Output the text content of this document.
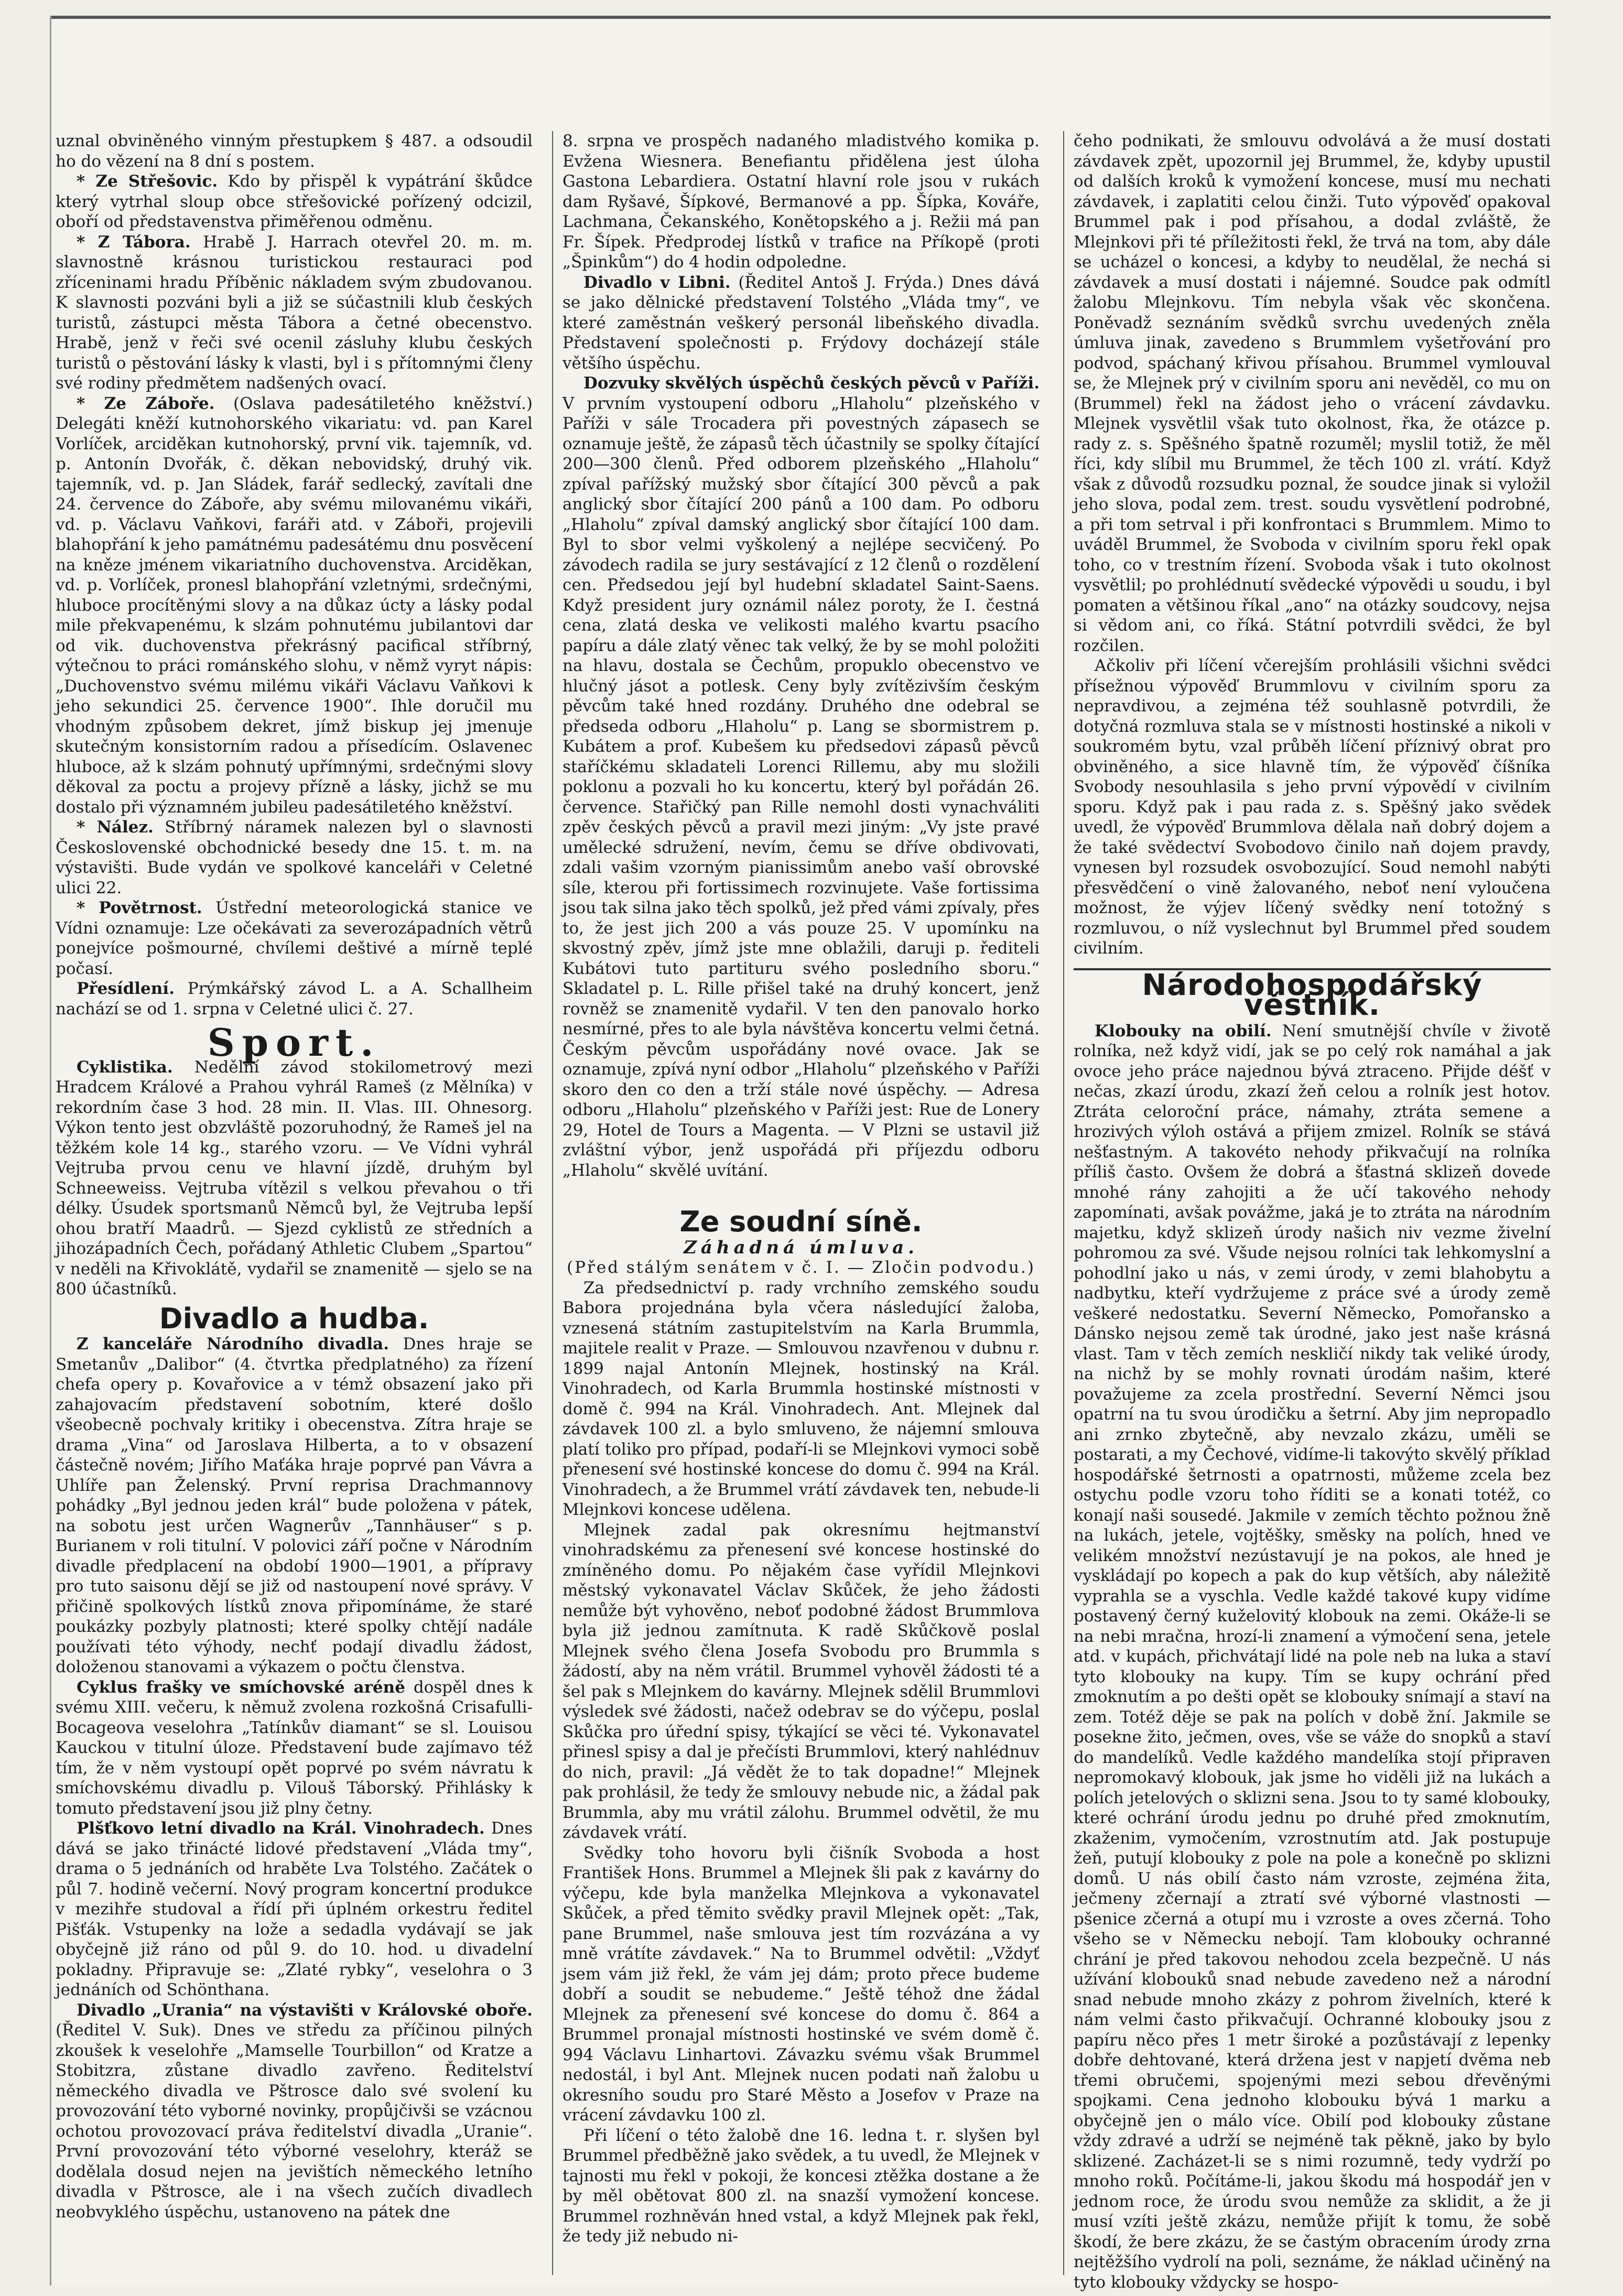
uznal obviněného vinným přestupkem § 487. a odsoudil ho do vězení na 8 dní s postem.

* Ze Střešovic. Kdo by přispěl k vypátrání škůdce který vytrhal sloup obce střešovické pořízený odcizil, oboří od představenstva přiměřenou odměnu.

* Z Tábora. Hrabě J. Harrach otevřel 20. m. m. slavnostně krásnou turistickou restauraci pod zříceninami hradu Příběnic nákladem svým zbudovanou. K slavnosti pozváni byli a již se súčastnili klub českých turistů, zástupci města Tábora a četné obecenstvo. Hrabě, jenž v řeči své ocenil zásluhy klubu českých turistů o pěstování lásky k vlasti, byl i s přítomnými členy své rodiny předmětem nadšených ovací.

* Ze Záboře. (Oslava padesátiletého kněžství.) Delegáti kněží kutnohorského vikariatu: vd. pan Karel Vorlíček, arciděkan kutnohorský, první vik. tajemník, vd. p. Antonín Dvořák, č. děkan nebovidský, druhý vik. tajemník, vd. p. Jan Sládek, farář sedlecký, zavítali dne 24. července do Záboře, aby svému milovanému vikáři, vd. p. Václavu Vaňkovi, faráři atd. v Záboři, projevili blahopřání k jeho památnému padesátému dnu posvěcení na kněze jménem vikariatního duchovenstva. Arciděkan, vd. p. Vorlíček, pronesl blahopřání vzletnými, srdečnými, hluboce procítěnými slovy a na důkaz úcty a lásky podal mile překvapenému, k slzám pohnutému jubilantovi dar od vik. duchovenstva překrásný pacifical stříbrný, výtečnou to práci románského slohu, v němž vyryt nápis: „Duchovenstvo svému milému vikáři Václavu Vaňkovi k jeho sekundici 25. července 1900“. Ihle doručil mu vhodným způsobem dekret, jímž biskup jej jmenuje skutečným konsistorním radou a přísedícím. Oslavenec hluboce, až k slzám pohnutý upřímnými, srdečnými slovy děkoval za poctu a projevy přízně a lásky, jichž se mu dostalo při významném jubileu padesátiletého kněžství.

* Nález. Stříbrný náramek nalezen byl o slavnosti Československé obchodnické besedy dne 15. t. m. na výstavišti. Bude vydán ve spolkové kanceláři v Celetné ulici 22.

* Povětrnost. Ústřední meteorologická stanice ve Vídni oznamuje: Lze očekávati za severozápadních větrů ponejvíce pošmourné, chvílemi deštivé a mírně teplé počasí.

Přesídlení. Prýmkářský závod L. a A. Schallheim nachází se od 1. srpna v Celetné ulici č. 27.

Sport.

Cyklistika. Nedělní závod stokilometrový mezi Hradcem Králové a Prahou vyhrál Rameš (z Mělníka) v rekordním čase 3 hod. 28 min. II. Vlas. III. Ohnesorg. Výkon tento jest obzvláště pozoruhodný, že Rameš jel na těžkém kole 14 kg., starého vzoru. — Ve Vídni vyhrál Vejtruba prvou cenu ve hlavní jízdě, druhým byl Schneeweiss. Vejtruba vítězil s velkou převahou o tři délky. Úsudek sportsmanů Němců byl, že Vejtruba lepší ohou bratří Maadrů. — Sjezd cyklistů ze středních a jihozápadních Čech, pořádaný Athletic Clubem „Spartou“ v neděli na Křivoklátě, vydařil se znamenitě — sjelo se na 800 účastníků.

Divadlo a hudba.

Z kanceláře Národního divadla. Dnes hraje se Smetanův „Dalibor“ (4. čtvrtka předplatného) za řízení chefa opery p. Kovařovice a v témž obsazení jako při zahajovacím představení sobotním, které došlo všeobecně pochvaly kritiky i obecenstva. Zítra hraje se drama „Vina“ od Jaroslava Hilberta, a to v obsazení částečně novém; Jiřího Maťáka hraje poprvé pan Vávra a Uhlíře pan Želenský. První reprisa Drachmannovy pohádky „Byl jednou jeden král“ bude položena v pátek, na sobotu jest určen Wagnerův „Tannhäuser“ s p. Burianem v roli titulní. V polovici září počne v Národním divadle předplacení na období 1900—1901, a přípravy pro tuto saisonu dějí se již od nastoupení nové správy. V přičině spolkových lístků znova připomínáme, že staré poukázky pozbyly platnosti; které spolky chtějí nadále používati této výhody, nechť podají divadlu žádost, doloženou stanovami a výkazem o počtu členstva.

Cyklus frašky ve smíchovské aréně dospěl dnes k svému XIII. večeru, k němuž zvolena rozkošná Crisafulli-Bocageova veselohra „Tatínkův diamant“ se sl. Louisou Kauckou v titulní úloze. Představení bude zajímavo též tím, že v něm vystoupí opět poprvé po svém návratu k smíchovskému divadlu p. Vilouš Táborský. Přihlásky k tomuto představení jsou již plny četny.

Plšťkovo letní divadlo na Král. Vinohradech. Dnes dává se jako třinácté lidové představení „Vláda tmy“, drama o 5 jednáních od hraběte Lva Tolstého. Začátek o půl 7. hodině večerní. Nový program koncertní produkce v mezihře studoval a řídí při úplném orkestru ředitel Pišťák. Vstupenky na lože a sedadla vydávají se jak obyčejně již ráno od půl 9. do 10. hod. u divadelní pokladny. Připravuje se: „Zlaté rybky“, veselohra o 3 jednáních od Schönthana.

Divadlo „Urania“ na výstavišti v Královské oboře. (Ředitel V. Suk). Dnes ve středu za příčinou pilných zkoušek k veselohře „Mamselle Tourbillon“ od Kratze a Stobitzra, zůstane divadlo zavřeno. Ředitelství německého divadla ve Pštrosce dalo své svolení ku provozování této vyborné novinky, propůjčivši se vzácnou ochotou provozovací práva ředitelství divadla „Uranie“. První provozování této výborné veselohry, kteráž se dodělala dosud nejen na jevištích německého letního divadla v Pštrosce, ale i na všech zučích divadlech neobvyklého úspěchu, ustanoveno na pátek dne

8. srpna ve prospěch nadaného mladistvého komika p. Evžena Wiesnera. Benefiantu přidělena jest úloha Gastona Lebardiera. Ostatní hlavní role jsou v rukách dam Ryšavé, Šípkové, Bermanové a pp. Šípka, Kováře, Lachmana, Čekanského, Konětopského a j. Režii má pan Fr. Šípek. Předprodej lístků v trafice na Příkopě (proti „Špinkům“) do 4 hodin odpoledne.

Divadlo v Libni. (Ředitel Antoš J. Frýda.) Dnes dává se jako dělnické představení Tolstého „Vláda tmy“, ve které zaměstnán veškerý personál libeňského divadla. Představení společnosti p. Frýdovy docházejí stále většího úspěchu.

Dozvuky skvělých úspěchů českých pěvců v Paříži. V prvním vystoupení odboru „Hlaholu“ plzeňského v Paříži v sále Trocadera při povestných zápasech se oznamuje ještě, že zápasů těch účastnily se spolky čítající 200—300 členů. Před odborem plzeňského „Hlaholu“ zpíval pařížský mužský sbor čítající 300 pěvců a pak anglický sbor čítající 200 pánů a 100 dam. Po odboru „Hlaholu“ zpíval damský anglický sbor čítající 100 dam. Byl to sbor velmi vyškolený a nejlépe secvičený. Po závodech radila se jury sestávající z 12 členů o rozdělení cen. Předsedou její byl hudební skladatel Saint-Saens. Když president jury oznámil nález poroty, že I. čestná cena, zlatá deska ve velikosti malého kvartu psacího papíru a dále zlatý věnec tak velký, že by se mohl položiti na hlavu, dostala se Čechům, propuklo obecenstvo ve hlučný jásot a potlesk. Ceny byly zvítězivším českým pěvcům také hned rozdány. Druhého dne odebral se předseda odboru „Hlaholu“ p. Lang se sbormistrem p. Kubátem a prof. Kubešem ku předsedovi zápasů pěvců staříčkému skladateli Lorenci Rillemu, aby mu složili poklonu a pozvali ho ku koncertu, který byl pořádán 26. července. Stařičký pan Rille nemohl dosti vynachváliti zpěv českých pěvců a pravil mezi jiným: „Vy jste pravé umělecké sdružení, nevím, čemu se dříve obdivovati, zdali vašim vzorným pianissimům anebo vaší obrovské síle, kterou při fortissimech rozvinujete. Vaše fortissima jsou tak silna jako těch spolků, jež před vámi zpívaly, přes to, že jest jich 200 a vás pouze 25. V upomínku na skvostný zpěv, jímž jste mne oblažili, daruji p. řediteli Kubátovi tuto partituru svého posledního sboru.“ Skladatel p. L. Rille přišel také na druhý koncert, jenž rovněž se znamenitě vydařil. V ten den panovalo horko nesmírné, přes to ale byla návštěva koncertu velmi četná. Českým pěvcům uspořádány nové ovace. Jak se oznamuje, zpívá nyní odbor „Hlaholu“ plzeňského v Paříži skoro den co den a trží stále nové úspěchy. — Adresa odboru „Hlaholu“ plzeňského v Paříži jest: Rue de Lonery 29, Hotel de Tours a Magenta. — V Plzni se ustavil již zvláštní výbor, jenž uspořádá při příjezdu odboru „Hlaholu“ skvělé uvítání.

Ze soudní síně.
Záhadná úmluva.
(Před stálým senátem v č. I. — Zločin podvodu.)

Za předsednictví p. rady vrchního zemského soudu Babora projednána byla včera následující žaloba, vznesená státním zastupitelstvím na Karla Brummla, majitele realit v Praze. — Smlouvou nzavřenou v dubnu r. 1899 najal Antonín Mlejnek, hostinský na Král. Vinohradech, od Karla Brummla hostinské místnosti v domě č. 994 na Král. Vinohradech. Ant. Mlejnek dal závdavek 100 zl. a bylo smluveno, že nájemní smlouva platí toliko pro případ, podaří-li se Mlejnkovi vymoci sobě přenesení své hostinské koncese do domu č. 994 na Král. Vinohradech, a že Brummel vrátí závdavek ten, nebude-li Mlejnkovi koncese udělena.

Mlejnek zadal pak okresnímu hejtmanství vinohradskému za přenesení své koncese hostinské do zmíněného domu. Po nějakém čase vyřídil Mlejnkovi městský vykonavatel Václav Skůček, že jeho žádosti nemůže být vyhověno, neboť podobné žádost Brummlova byla již jednou zamítnuta. K radě Skůčkově poslal Mlejnek svého člena Josefa Svobodu pro Brummla s žádostí, aby na něm vrátil. Brummel vyhověl žádosti té a šel pak s Mlejnkem do kavárny. Mlejnek sdělil Brummlovi výsledek své žádosti, načež odebrav se do výčepu, poslal Skůčka pro úřední spisy, týkající se věci té. Vykonavatel přinesl spisy a dal je přečísti Brummlovi, který nahlédnuv do nich, pravil: „Já vědět že to tak dopadne!“ Mlejnek pak prohlásil, že tedy že smlouvy nebude nic, a žádal pak Brummla, aby mu vrátil zálohu. Brummel odvětil, že mu závdavek vrátí.

Svědky toho hovoru byli čišník Svoboda a host František Hons. Brummel a Mlejnek šli pak z kavárny do výčepu, kde byla manželka Mlejnkova a vykonavatel Skůček, a před těmito svědky pravil Mlejnek opět: „Tak, pane Brummel, naše smlouva jest tím rozvázána a vy mně vrátíte závdavek.“ Na to Brummel odvětil: „Vždyť jsem vám již řekl, že vám jej dám; proto přece budeme dobří a soudit se nebudeme.“ Ještě téhož dne žádal Mlejnek za přenesení své koncese do domu č. 864 a Brummel pronajal místnosti hostinské ve svém domě č. 994 Václavu Linhartovi. Závazku svému však Brummel nedostál, i byl Ant. Mlejnek nucen podati naň žalobu u okresního soudu pro Staré Město a Josefov v Praze na vrácení závdavku 100 zl.

Při líčení o této žalobě dne 16. ledna t. r. slyšen byl Brummel předběžně jako svědek, a tu uvedl, že Mlejnek v tajnosti mu řekl v pokoji, že koncesi ztěžka dostane a že by měl obětovat 800 zl. na snazší vymožení koncese. Brummel rozhněván hned vstal, a když Mlejnek pak řekl, že tedy již nebudo ni-

čeho podnikati, že smlouvu odvolává a že musí dostati závdavek zpět, upozornil jej Brummel, že, kdyby upustil od dalších kroků k vymožení koncese, musí mu nechati závdavek, i zaplatiti celou činži. Tuto výpověď opakoval Brummel pak i pod přísahou, a dodal zvláště, že Mlejnkovi při té příležitosti řekl, že trvá na tom, aby dále se ucházel o koncesi, a kdyby to neudělal, že nechá si závdavek a musí dostati i nájemné. Soudce pak odmítl žalobu Mlejnkovu. Tím nebyla však věc skončena. Poněvadž seznáním svědků svrchu uvedených zněla úmluva jinak, zavedeno s Brummlem vyšetřování pro podvod, spáchaný křivou přísahou. Brummel vymlouval se, že Mlejnek prý v civilním sporu ani nevěděl, co mu on (Brummel) řekl na žádost jeho o vrácení závdavku. Mlejnek vysvětlil však tuto okolnost, řka, že otázce p. rady z. s. Spěšného špatně rozuměl; myslil totiž, že měl říci, kdy slíbil mu Brummel, že těch 100 zl. vrátí. Když však z důvodů rozsudku poznal, že soudce jinak si vyložil jeho slova, podal zem. trest. soudu vysvětlení podrobné, a při tom setrval i při konfrontaci s Brummlem. Mimo to uváděl Brummel, že Svoboda v civilním sporu řekl opak toho, co v trestním řízení. Svoboda však i tuto okolnost vysvětlil; po prohlédnutí svědecké výpovědi u soudu, i byl pomaten a většinou říkal „ano“ na otázky soudcovy, nejsa si vědom ani, co říká. Státní potvrdili svědci, že byl rozčilen.

Ačkoliv při líčení včerejším prohlásili všichni svědci přísežnou výpověď Brummlovu v civilním sporu za nepravdivou, a zejména též souhlasně potvrdili, že dotyčná rozmluva stala se v místnosti hostinské a nikoli v soukromém bytu, vzal průběh líčení příznivý obrat pro obviněného, a sice hlavně tím, že výpověď číšníka Svobody nesouhlasila s jeho první výpovědí v civilním sporu. Když pak i pau rada z. s. Spěšný jako svědek uvedl, že výpověď Brummlova dělala naň dobrý dojem a že také svědectví Svobodovo činilo naň dojem pravdy, vynesen byl rozsudek osvobozující. Soud nemohl nabýti přesvědčení o vině žalovaného, neboť není vyloučena možnost, že výjev líčený svědky není totožný s rozmluvou, o níž vyslechnut byl Brummel před soudem civilním.

Národohospodářský věstník.

Klobouky na obilí. Není smutnější chvíle v životě rolníka, než když vidí, jak se po celý rok namáhal a jak ovoce jeho práce najednou bývá ztraceno. Přijde déšť v nečas, zkazí úrodu, zkazí žeň celou a rolník jest hotov. Ztráta celoroční práce, námahy, ztráta semene a hrozivých výloh ostává a přijem zmizel. Rolník se stává nešťastným. A takovéto nehody přikvačují na rolníka příliš často. Ovšem že dobrá a šťastná sklizeň dovede mnohé rány zahojiti a že učí takového nehody zapomínati, avšak povážme, jaká je to ztráta na národním majetku, když sklizeň úrody našich niv vezme živelní pohromou za své. Všude nejsou rolníci tak lehkomyslní a pohodlní jako u nás, v zemi úrody, v zemi blahobytu a nadbytku, kteří vydržujeme z práce své a úrody země veškeré nedostatku. Severní Německo, Pomořansko a Dánsko nejsou země tak úrodné, jako jest naše krásná vlast. Tam v těch zemích neskličí nikdy tak veliké úrody, na nichž by se mohly rovnati úrodám našim, které považujeme za zcela prostřední. Severní Němci jsou opatrní na tu svou úrodičku a šetrní. Aby jim nepropadlo ani zrnko zbytečně, aby nevzalo zkázu, uměli se postarati, a my Čechové, vidíme-li takovýto skvělý příklad hospodářské šetrnosti a opatrnosti, můžeme zcela bez ostychu podle vzoru toho říditi se a konati totéž, co konají naši sousedé. Jakmile v zemích těchto požnou žně na lukách, jetele, vojtěšky, směsky na polích, hned ve velikém množství nezústavují je na pokos, ale hned je vyskládají po kopech a pak do kup větších, aby náležitě vyprahla se a vyschla. Vedle každé takové kupy vidíme postavený černý kuželovitý klobouk na zemi. Okáže-li se na nebi mračna, hrozí-li znamení a výmočení sena, jetele atd. v kupách, přichvátají lidé na pole neb na luka a staví tyto klobouky na kupy. Tím se kupy ochrání před zmoknutím a po dešti opět se klobouky snímají a staví na zem. Totéž děje se pak na polích v době žní. Jakmile se posekne žito, ječmen, oves, vše se váže do snopků a staví do mandelíků. Vedle každého mandelíka stojí připraven nepromokavý klobouk, jak jsme ho viděli již na lukách a polích jetelových o sklizni sena. Jsou to ty samé klobouky, které ochrání úrodu jednu po druhé před zmoknutím, zkaženim, vymočením, vzrostnutím atd. Jak postupuje žeň, putují klobouky z pole na pole a konečně po sklizni domů. U nás obilí často nám vzroste, zejména žita, ječmeny zčernají a ztratí své výborné vlastnosti — pšenice zčerná a otupí mu i vzroste a oves zčerná. Toho všeho se v Německu nebojí. Tam klobouky ochranné chrání je před takovou nehodou zcela bezpečně. U nás užívání klobouků snad nebude zavedeno než a národní snad nebude mnoho zkázy z pohrom živelních, které k nám velmi často přikvačují. Ochranné klobouky jsou z papíru něco přes 1 metr široké a pozůstávají z lepenky dobře dehtované, která držena jest v napjetí dvěma neb třemi obručemi, spojenými mezi sebou dřevěnými spojkami. Cena jednoho klobouku bývá 1 marku a obyčejně jen o málo více. Obilí pod klobouky zůstane vždy zdravé a udrží se nejméně tak pěkně, jako by bylo sklizené. Zacházet-li se s nimi rozumně, tedy vydrží po mnoho roků. Počítáme-li, jakou škodu má hospodář jen v jednom roce, že úrodu svou nemůže za sklidit, a že ji musí vzíti ještě zkázu, nemůže přijít k tomu, že sobě škodí, že bere zkázu, že se častým obracením úrody zrna nejtěžšího vydrolí na poli, seznáme, že náklad učiněný na tyto klobouky vždycky se hospo-
